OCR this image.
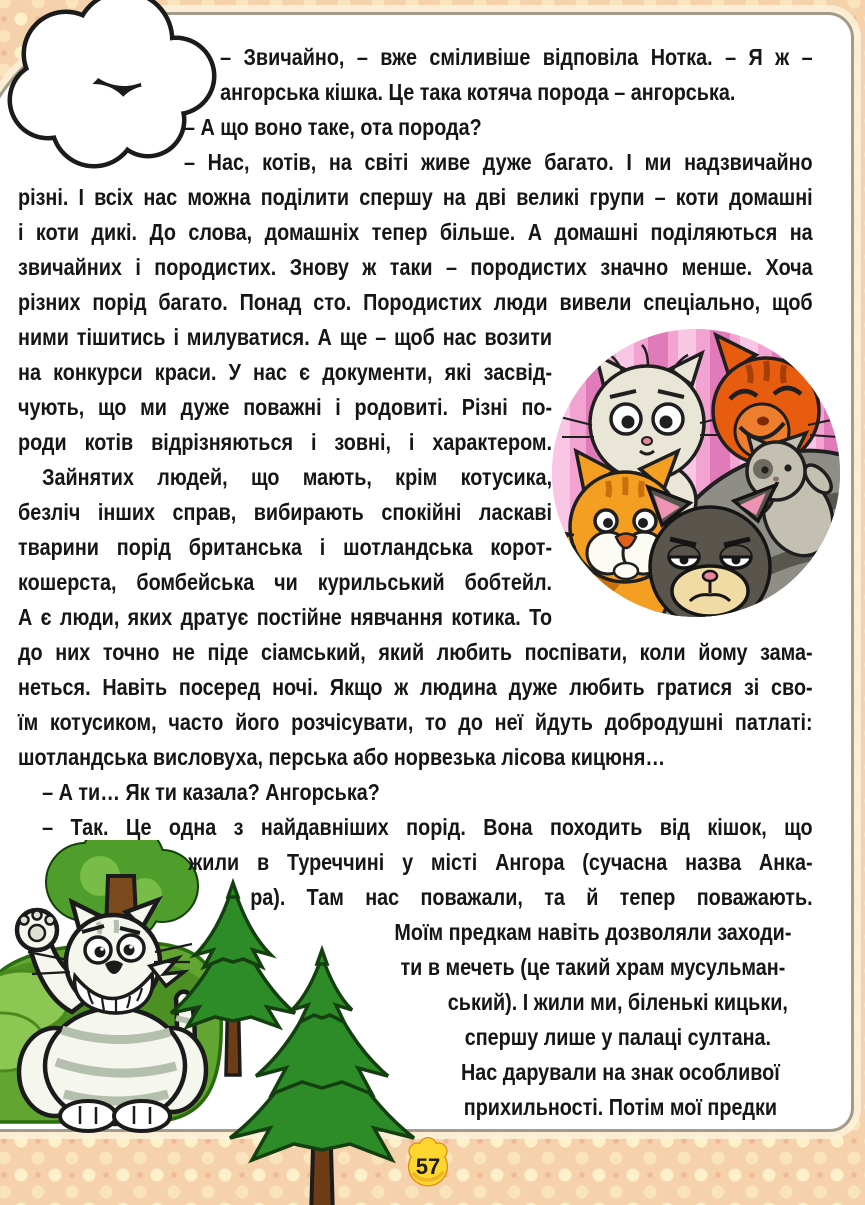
57
– Звичайно, – вже сміливіше відповіла Нотка. – Я ж –
ангорська кішка. Це така котяча порода – ангорська.
– А що воно таке, ота порода?
– Нас, котів, на світі живе дуже багато. І ми надзвичайно
різні. І всіх нас можна поділити спершу на дві великі групи – коти домашні
і коти дикі. До слова, домашніх тепер більше. А домашні поділяються на
звичайних і породистих. Знову ж таки – породистих значно менше. Хоча
різних порід багато. Понад сто. Породистих люди вивели спеціально, щоб
ними тішитись і милуватися. А ще – щоб нас возити
на конкурси краси. У нас є документи, які засвід-
чують, що ми дуже поважні і родовиті. Різні по-
роди котів відрізняються і зовні, і характером.
Зайнятих людей, що мають, крім котусика,
безліч інших справ, вибирають спокійні ласкаві
тварини порід британська і шотландська корот-
кошерста, бомбейська чи курильський бобтейл.
А є люди, яких дратує постійне нявчання котика. То
до них точно не піде сіамський, який любить поспівати, коли йому зама-
неться. Навіть посеред ночі. Якщо ж людина дуже любить гратися зі сво-
їм котусиком, часто його розчісувати, то до неї йдуть добродушні патлаті:
шотландська висловуха, перська або норвезька лісова кицюня…
– А ти… Як ти казала? Ангорська?
– Так. Це одна з найдавніших порід. Вона походить від кішок, що
жили в Туреччині у місті Ангора (сучасна назва Анка-
ра). Там нас поважали, та й тепер поважають.
Моїм предкам навіть дозволяли заходи-
ти в мечеть (це такий храм мусульман-
ський). І жили ми, біленькі кицьки,
спершу лише у палаці султана.
Нас дарували на знак особливої
прихильності. Потім мої предки
